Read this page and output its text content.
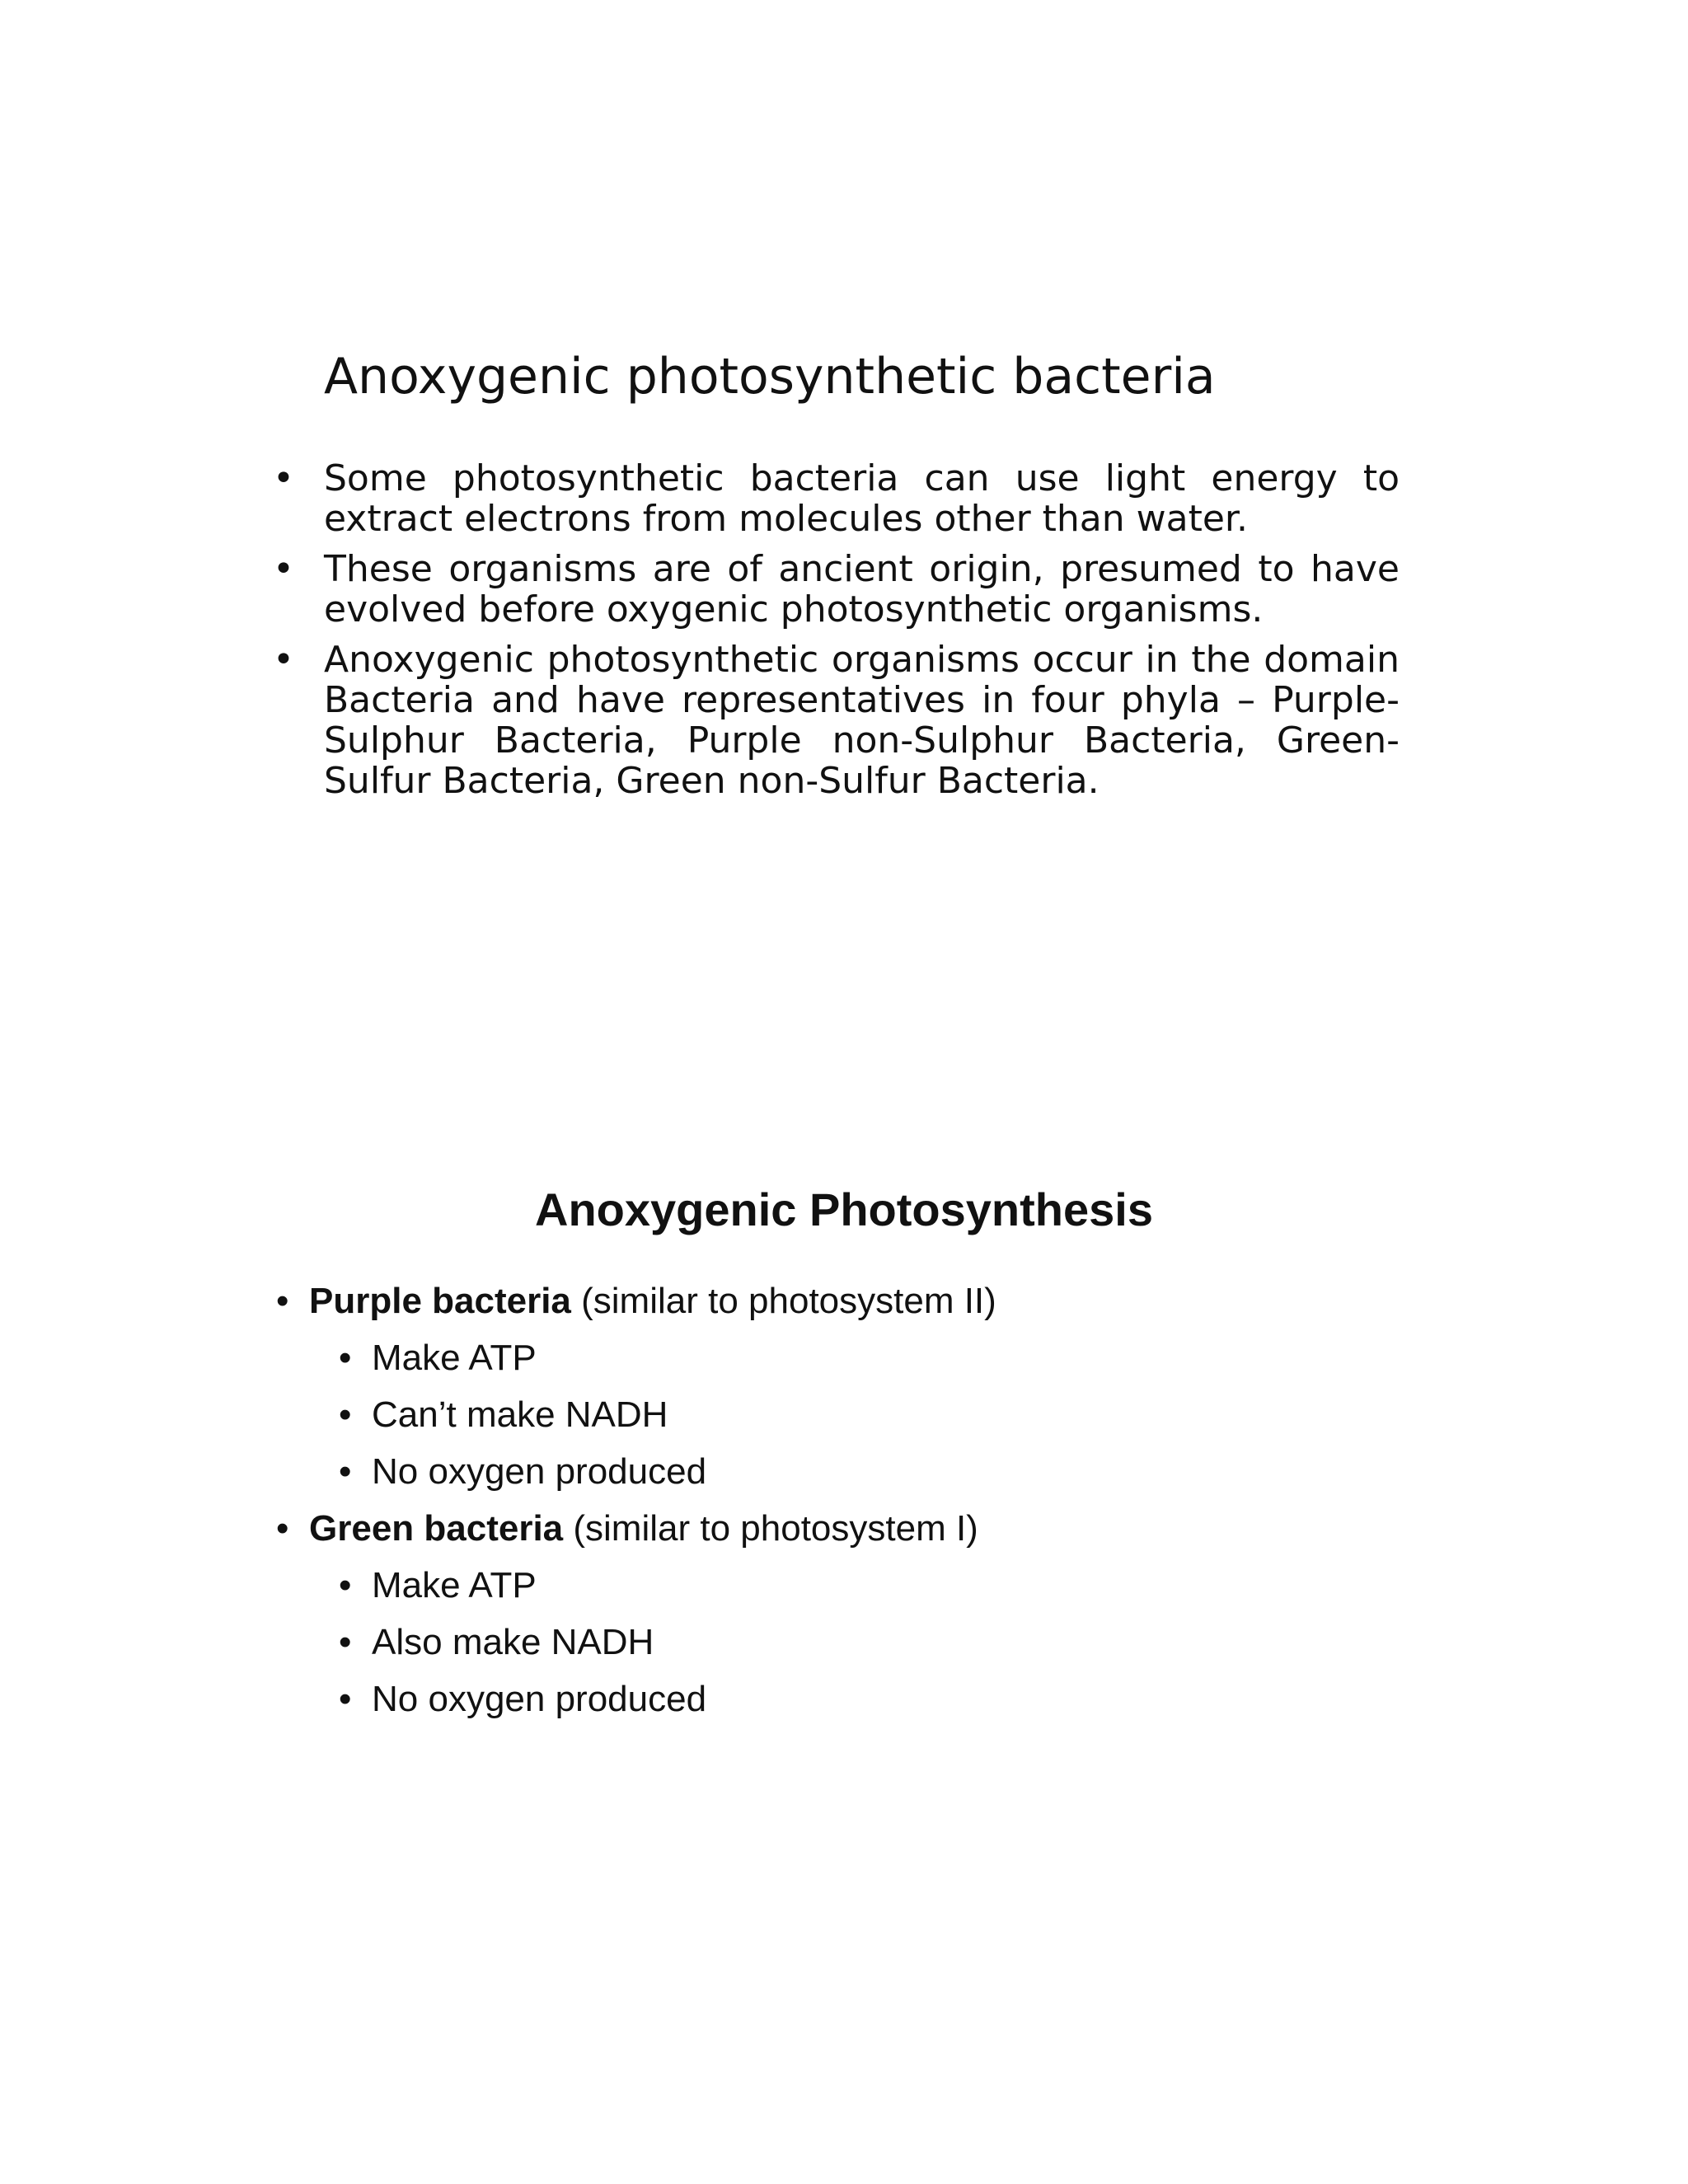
Anoxygenic photosynthetic bacteria
• Some photosynthetic bacteria can use light energy to extract electrons from molecules other than water.
• These organisms are of ancient origin, presumed to have evolved before oxygenic photosynthetic organisms.
• Anoxygenic photosynthetic organisms occur in the domain Bacteria and have representatives in four phyla – Purple-Sulphur Bacteria, Purple non-Sulphur Bacteria, Green-Sulfur Bacteria, Green non-Sulfur Bacteria.
Anoxygenic Photosynthesis
• Purple bacteria (similar to photosystem II)
• Make ATP
• Can’t make NADH
• No oxygen produced
• Green bacteria (similar to photosystem I)
• Make ATP
• Also make NADH
• No oxygen produced
